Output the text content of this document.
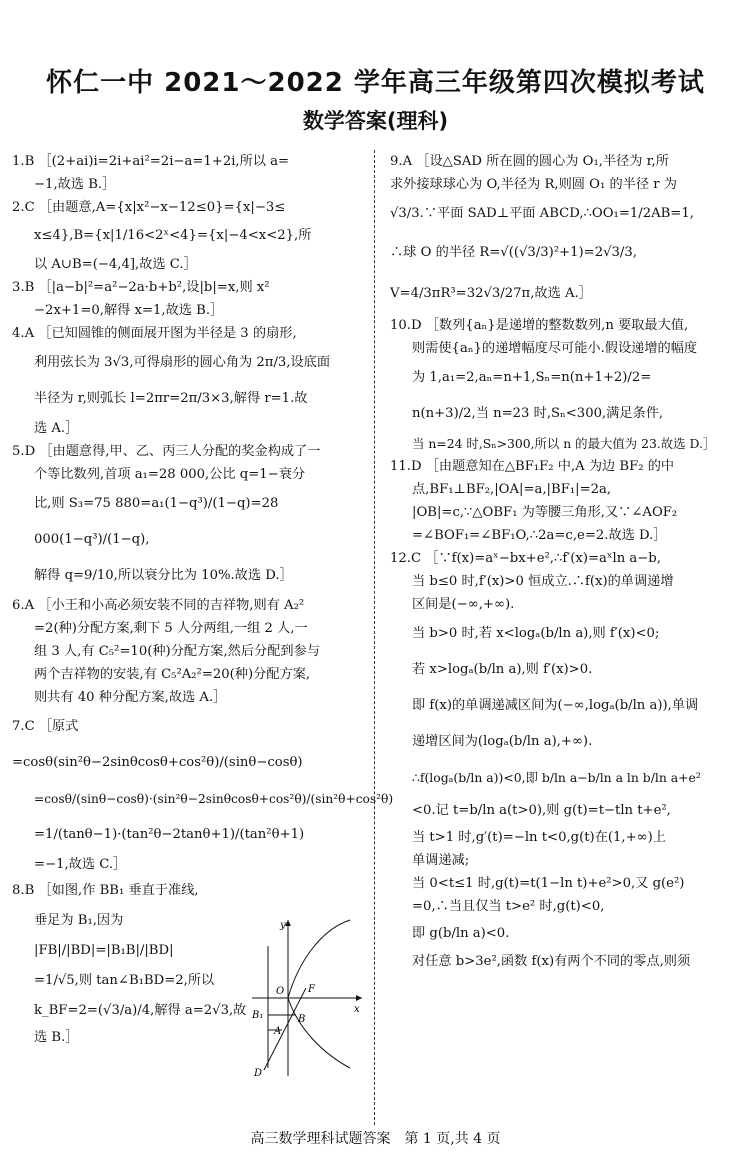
怀仁一中 2021～2022 学年高三年级第四次模拟考试
数学答案(理科)
1.B ［(2+ai)i=2i+ai²=2i−a=1+2i,所以 a=
−1,故选 B.］
2.C ［由题意,A={x|x²−x−12≤0}={x|−3≤
x≤4},B={x|1/16<2ˣ<4}={x|−4<x<2},所
以 A∪B=(−4,4],故选 C.］
3.B ［|a−b|²=a²−2a·b+b²,设|b|=x,则 x²
−2x+1=0,解得 x=1,故选 B.］
4.A ［已知圆锥的侧面展开图为半径是 3 的扇形,
利用弦长为 3√3,可得扇形的圆心角为 2π/3,设底面
半径为 r,则弧长 l=2πr=2π/3×3,解得 r=1.故
选 A.］
5.D ［由题意得,甲、乙、丙三人分配的奖金构成了一
个等比数列,首项 a₁=28 000,公比 q=1−衰分
比,则 S₃=75 880=a₁(1−q³)/(1−q)=28 000(1−q³)/(1−q),
解得 q=9/10,所以衰分比为 10%.故选 D.］
6.A ［小王和小高必须安装不同的吉祥物,则有 A₂²
=2(种)分配方案,剩下 5 人分两组,一组 2 人,一
组 3 人,有 C₅²=10(种)分配方案,然后分配到参与
两个吉祥物的安装,有 C₅²A₂²=20(种)分配方案,
则共有 40 种分配方案,故选 A.］
7.C ［原式=cosθ(sin²θ−2sinθcosθ+cos²θ)/(sinθ−cosθ)
=cosθ/(sinθ−cosθ)·(sin²θ−2sinθcosθ+cos²θ)/(sin²θ+cos²θ)
=1/(tanθ−1)·(tan²θ−2tanθ+1)/(tan²θ+1)
=−1,故选 C.］
8.B ［如图,作 BB₁ 垂直于准线,
垂足为 B₁,因为 |FB|/|BD|=|B₁B|/|BD|
=1/√5,则 tan∠B₁BD=2,所以
k_BF=2=(√3/a)/4,解得 a=2√3,故
选 B.］
y
x
O F
B₁
A
B
D
9.A ［设△SAD 所在圆的圆心为 O₁,半径为 r,所
求外接球球心为 O,半径为 R,则圆 O₁ 的半径 r 为
√3/3.∵平面 SAD⊥平面 ABCD,∴OO₁=1/2AB=1,
∴球 O 的半径 R=√((√3/3)²+1)=2√3/3,
V=4/3πR³=32√3/27π,故选 A.］
10.D ［数列{aₙ}是递增的整数数列,n 要取最大值,
则需使{aₙ}的递增幅度尽可能小.假设递增的幅度
为 1,a₁=2,aₙ=n+1,Sₙ=n(n+1+2)/2=
n(n+3)/2,当 n=23 时,Sₙ<300,满足条件,
当 n=24 时,Sₙ>300,所以 n 的最大值为 23.故选 D.］
11.D ［由题意知在△BF₁F₂ 中,A 为边 BF₂ 的中
点,BF₁⊥BF₂,|OA|=a,|BF₁|=2a,
|OB|=c,∵△OBF₁ 为等腰三角形,又∵∠AOF₂
=∠BOF₁=∠BF₁O,∴2a=c,e=2.故选 D.］
12.C ［∵f(x)=aˣ−bx+e²,∴f′(x)=aˣln a−b,
当 b≤0 时,f′(x)>0 恒成立.∴f(x)的单调递增
区间是(−∞,+∞).
当 b>0 时,若 x<logₐ(b/ln a),则 f′(x)<0;
若 x>logₐ(b/ln a),则 f′(x)>0.
即 f(x)的单调递减区间为(−∞,logₐ(b/ln a)),单调
递增区间为(logₐ(b/ln a),+∞).
∴f(logₐ(b/ln a))<0,即 b/ln a−b/ln a ln b/ln a+e²
<0.记 t=b/ln a(t>0),则 g(t)=t−tln t+e²,
当 t>1 时,g′(t)=−ln t<0,g(t)在(1,+∞)上
单调递减;
当 0<t≤1 时,g(t)=t(1−ln t)+e²>0,又 g(e²)
=0,∴当且仅当 t>e² 时,g(t)<0,
即 g(b/ln a)<0.
对任意 b>3e²,函数 f(x)有两个不同的零点,则须
高三数学理科试题答案　第 1 页,共 4 页
